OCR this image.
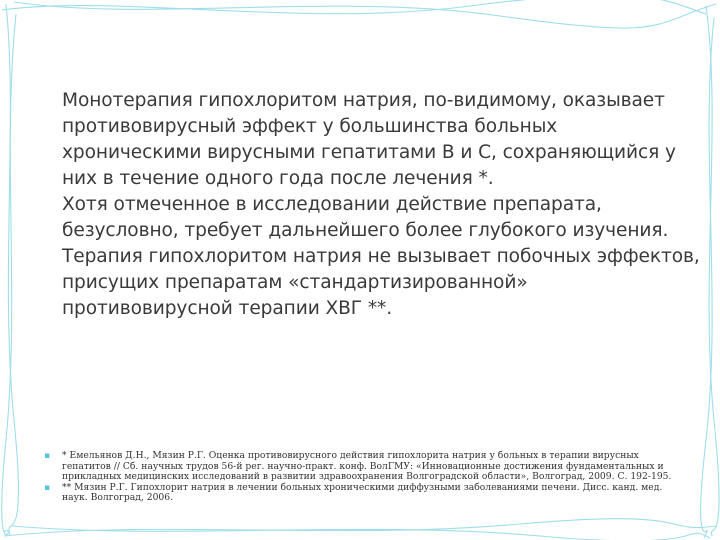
Монотерапия гипохлоритом натрия, по-видимому, оказывает противовирусный эффект у большинства больных хроническими вирусными гепатитами В и С, сохраняющийся у них в течение одного года после лечения *.

Хотя отмеченное в исследовании действие препарата, безусловно, требует дальнейшего более глубокого изучения.

Терапия гипохлоритом натрия не вызывает побочных эффектов, присущих препаратам «стандартизированной» противовирусной терапии ХВГ **.

▪ * Емельянов Д.Н., Мязин Р.Г. Оценка противовирусного действия гипохлорита натрия у больных в терапии вирусных гепатитов // Сб. научных трудов 56-й рег. научно-практ. конф. ВолГМУ: «Инновационные достижения фундаментальных и прикладных медицинских исследований в развитии здравоохранения Волгоградской области», Волгоград, 2009. С. 192-195.
▪ ** Мязин Р.Г. Гипохлорит натрия в лечении больных хроническими диффузными заболеваниями печени. Дисс. канд. мед. наук. Волгоград, 2006.
